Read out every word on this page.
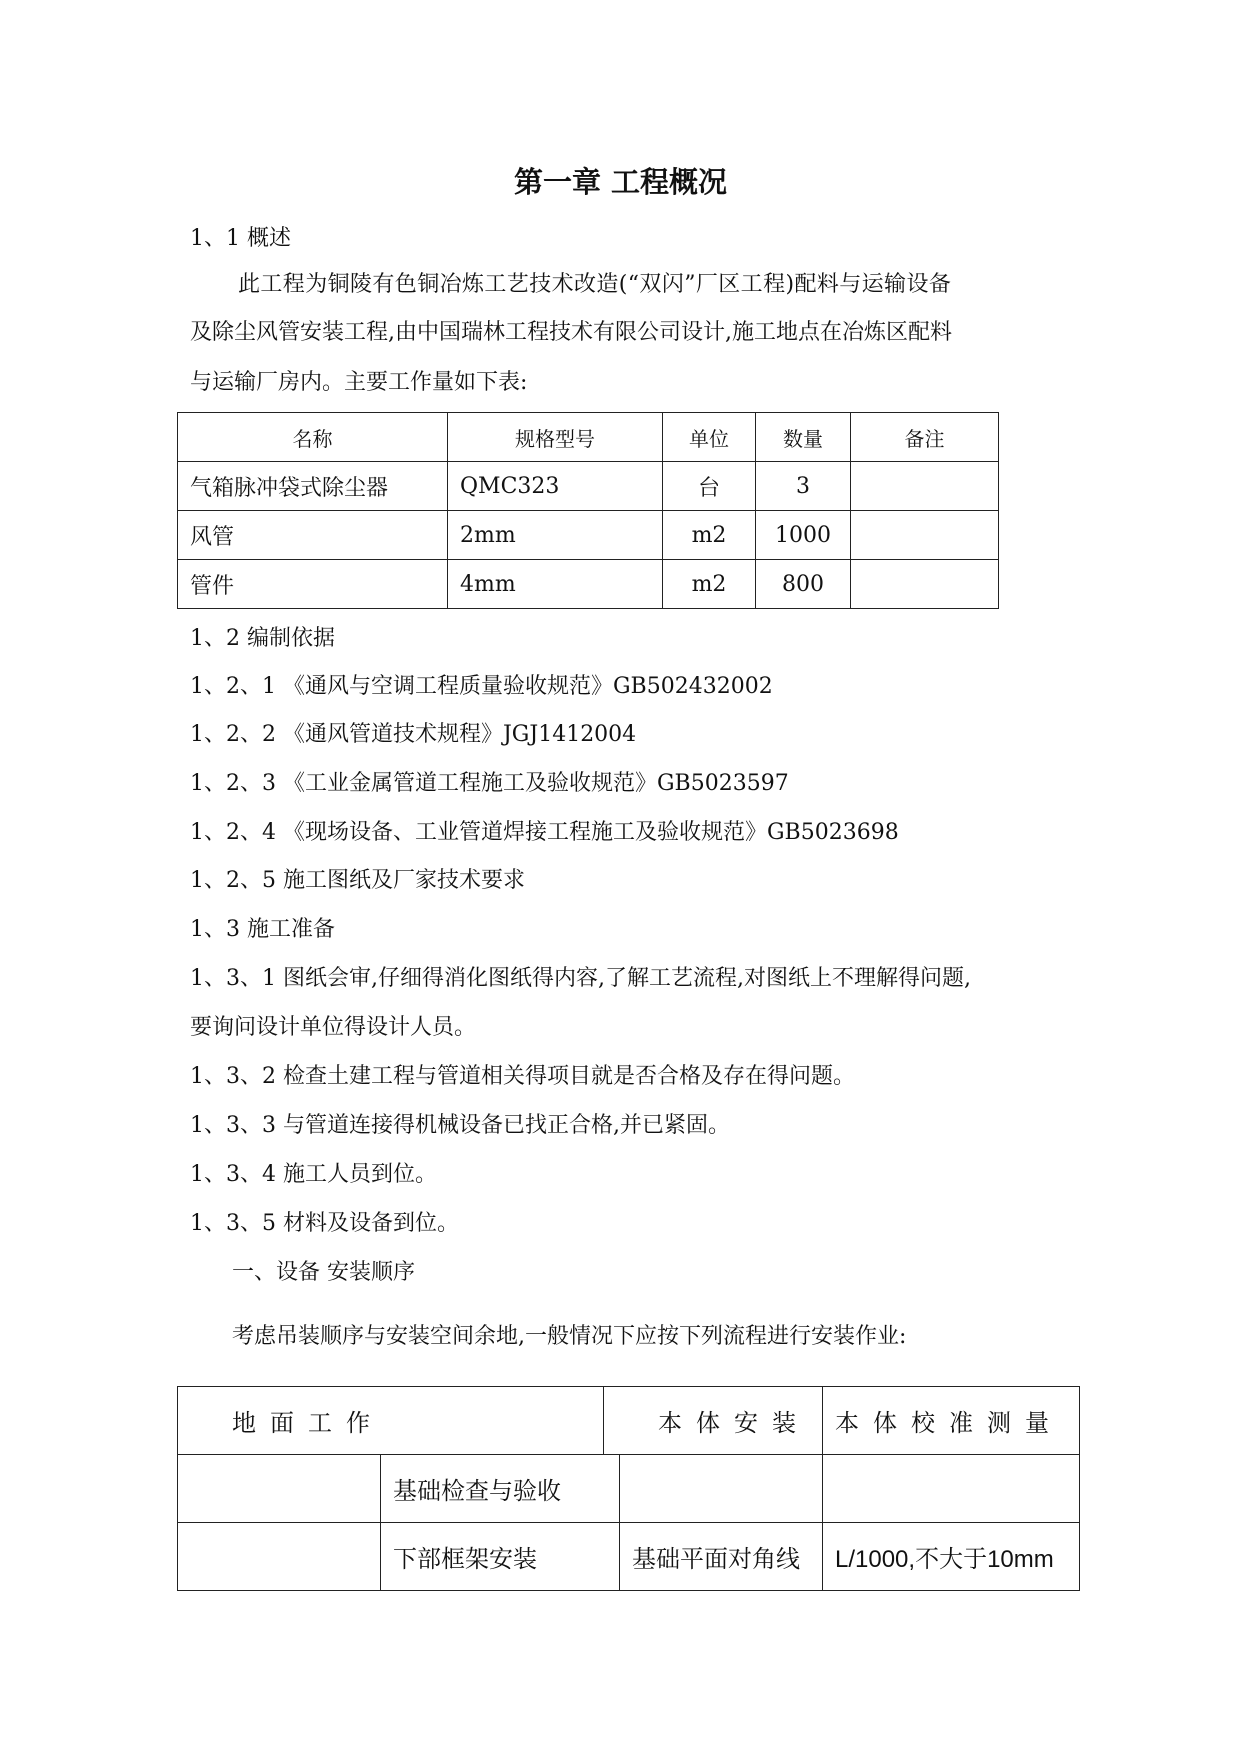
第一章 工程概况
1、1 概述
此工程为铜陵有色铜冶炼工艺技术改造(“双闪”厂区工程)配料与运输设备
及除尘风管安装工程,由中国瑞林工程技术有限公司设计,施工地点在冶炼区配料
与运输厂房内。主要工作量如下表:
名称	规格型号	单位	数量	备注
气箱脉冲袋式除尘器	QMC323	台	3	
风管	2mm	m2	1000	
管件	4mm	m2	800	
1、2 编制依据
1、2、1 《通风与空调工程质量验收规范》GB502432002
1、2、2 《通风管道技术规程》JGJ1412004
1、2、3 《工业金属管道工程施工及验收规范》GB5023597
1、2、4 《现场设备、工业管道焊接工程施工及验收规范》GB5023698
1、2、5 施工图纸及厂家技术要求
1、3 施工准备
1、3、1 图纸会审,仔细得消化图纸得内容,了解工艺流程,对图纸上不理解得问题,
要询问设计单位得设计人员。
1、3、2 检查土建工程与管道相关得项目就是否合格及存在得问题。
1、3、3 与管道连接得机械设备已找正合格,并已紧固。
1、3、4 施工人员到位。
1、3、5 材料及设备到位。
一、设备 安装顺序
考虑吊装顺序与安装空间余地,一般情况下应按下列流程进行安装作业:
地面工作		本体安装		本体校准测量
	基础检查与验收			
	下部框架安装		基础平面对角线	L/1000,不大于10mm
